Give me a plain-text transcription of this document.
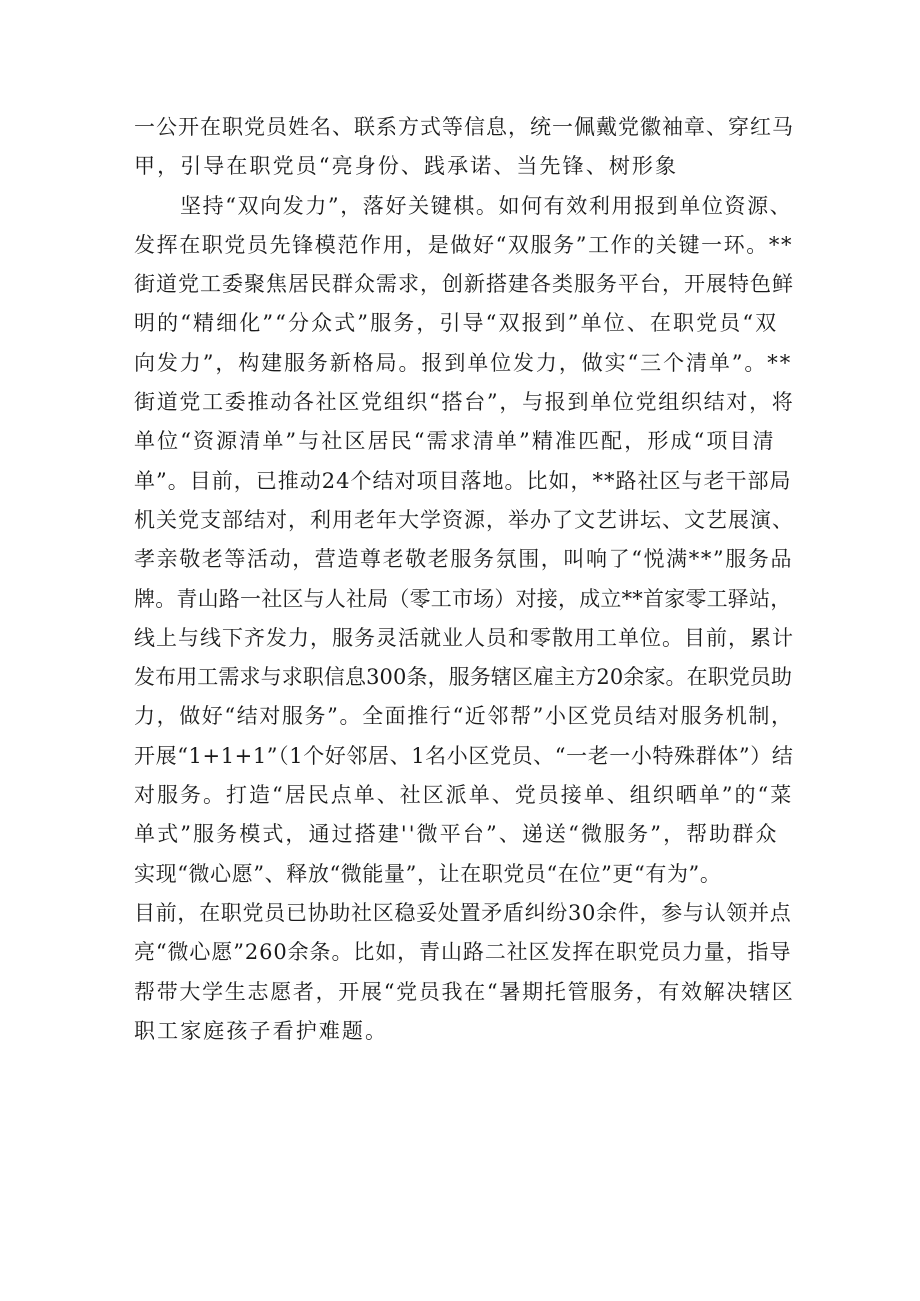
一公开在职党员姓名、联系方式等信息，统一佩戴党徽袖章、穿红马
甲，引导在职党员“亮身份、践承诺、当先锋、树形象

坚持“双向发力”，落好关键棋。如何有效利用报到单位资源、
发挥在职党员先锋模范作用，是做好“双服务”工作的关键一环。**
街道党工委聚焦居民群众需求，创新搭建各类服务平台，开展特色鲜
明的“精细化”“分众式”服务，引导“双报到”单位、在职党员“双
向发力”，构建服务新格局。报到单位发力，做实“三个清单”。**
街道党工委推动各社区党组织“搭台”，与报到单位党组织结对，将
单位“资源清单”与社区居民“需求清单”精准匹配，形成“项目清
单”。目前，已推动24个结对项目落地。比如，**路社区与老干部局
机关党支部结对，利用老年大学资源，举办了文艺讲坛、文艺展演、
孝亲敬老等活动，营造尊老敬老服务氛围，叫响了“悦满**”服务品
牌。青山路一社区与人社局（零工市场）对接，成立**首家零工驿站，
线上与线下齐发力，服务灵活就业人员和零散用工单位。目前，累计
发布用工需求与求职信息300条，服务辖区雇主方20余家。在职党员助
力，做好“结对服务”。全面推行“近邻帮”小区党员结对服务机制，
开展“1+1+1”（1个好邻居、1名小区党员、“一老一小特殊群体”）结
对服务。打造“居民点单、社区派单、党员接单、组织晒单”的“菜
单式”服务模式，通过搭建''微平台”、递送“微服务”，帮助群众
实现“微心愿”、释放“微能量”，让在职党员“在位”更“有为”。
目前，在职党员已协助社区稳妥处置矛盾纠纷30余件，参与认领并点
亮“微心愿”260余条。比如，青山路二社区发挥在职党员力量，指导
帮带大学生志愿者，开展“党员我在“暑期托管服务，有效解决辖区
职工家庭孩子看护难题。
